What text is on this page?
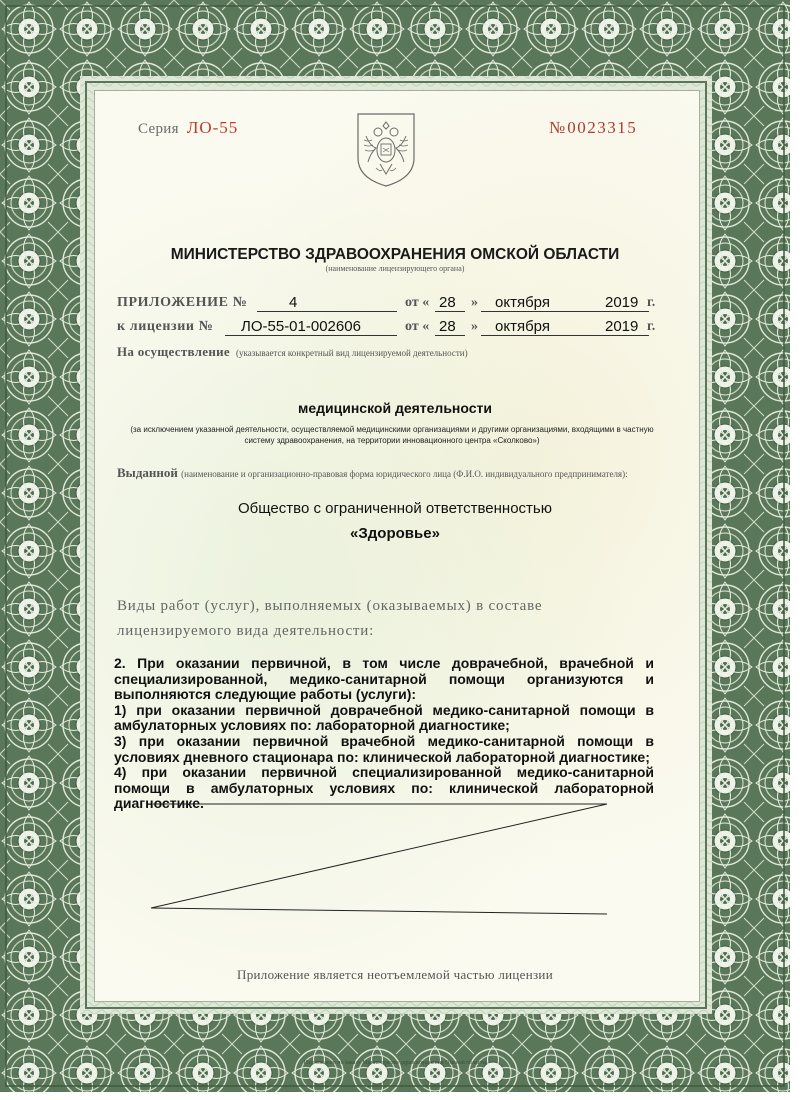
Серия ЛО-55	№ 0023315
МИНИСТЕРСТВО ЗДРАВООХРАНЕНИЯ ОМСКОЙ ОБЛАСТИ
(наименование лицензирующего органа)
ПРИЛОЖЕНИЕ №	4	от « 28 » октября	2019 г.
к лицензии № ЛО-55-01-002606	от « 28 » октября	2019 г.
На осуществление (указывается конкретный вид лицензируемой деятельности)
медицинской деятельности
(за исключением указанной деятельности, осуществляемой медицинскими организациями и другими организациями, входящими в частную систему здравоохранения, на территории инновационного центра «Сколково»)
Выданной (наименование и организационно-правовая форма юридического лица (Ф.И.О. индивидуального предпринимателя):
Общество с ограниченной ответственностью
«Здоровье»
Виды работ (услуг), выполняемых (оказываемых) в составе
лицензируемого вида деятельности:

2. При оказании первичной, в том числе доврачебной, врачебной и специализированной, медико-санитарной помощи организуются и выполняются следующие работы (услуги):

1) при оказании первичной доврачебной медико-санитарной помощи в амбулаторных условиях по: лабораторной диагностике;

3) при оказании первичной врачебной медико-санитарной помощи в условиях дневного стационара по: клинической лабораторной диагностике;

4) при оказании первичной специализированной медико-санитарной помощи в амбулаторных условиях по: клинической лабораторной диагностике.

Приложение является неотъемлемой частью лицензии
Изготовлено по заказу Министерства здравоохранения Омской области
